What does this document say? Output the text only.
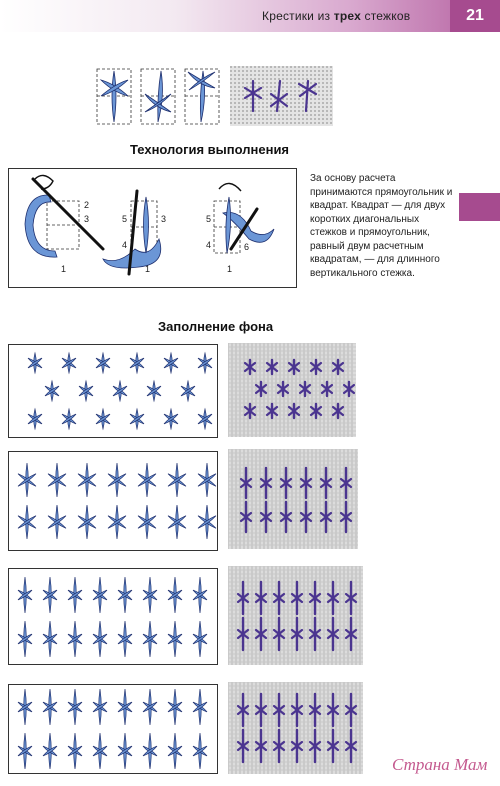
Крестики из трех стежков	21
Технология выполнения
2
3
1
5	3
4
1
5
4	6
1
За основу расчета принимаются прямоугольник и квадрат. Квадрат — для двух коротких диагональных стежков и прямоугольник, равный двум расчетным квадратам, — для длинного вертикального стежка.
Заполнение фона
Страна Мам
